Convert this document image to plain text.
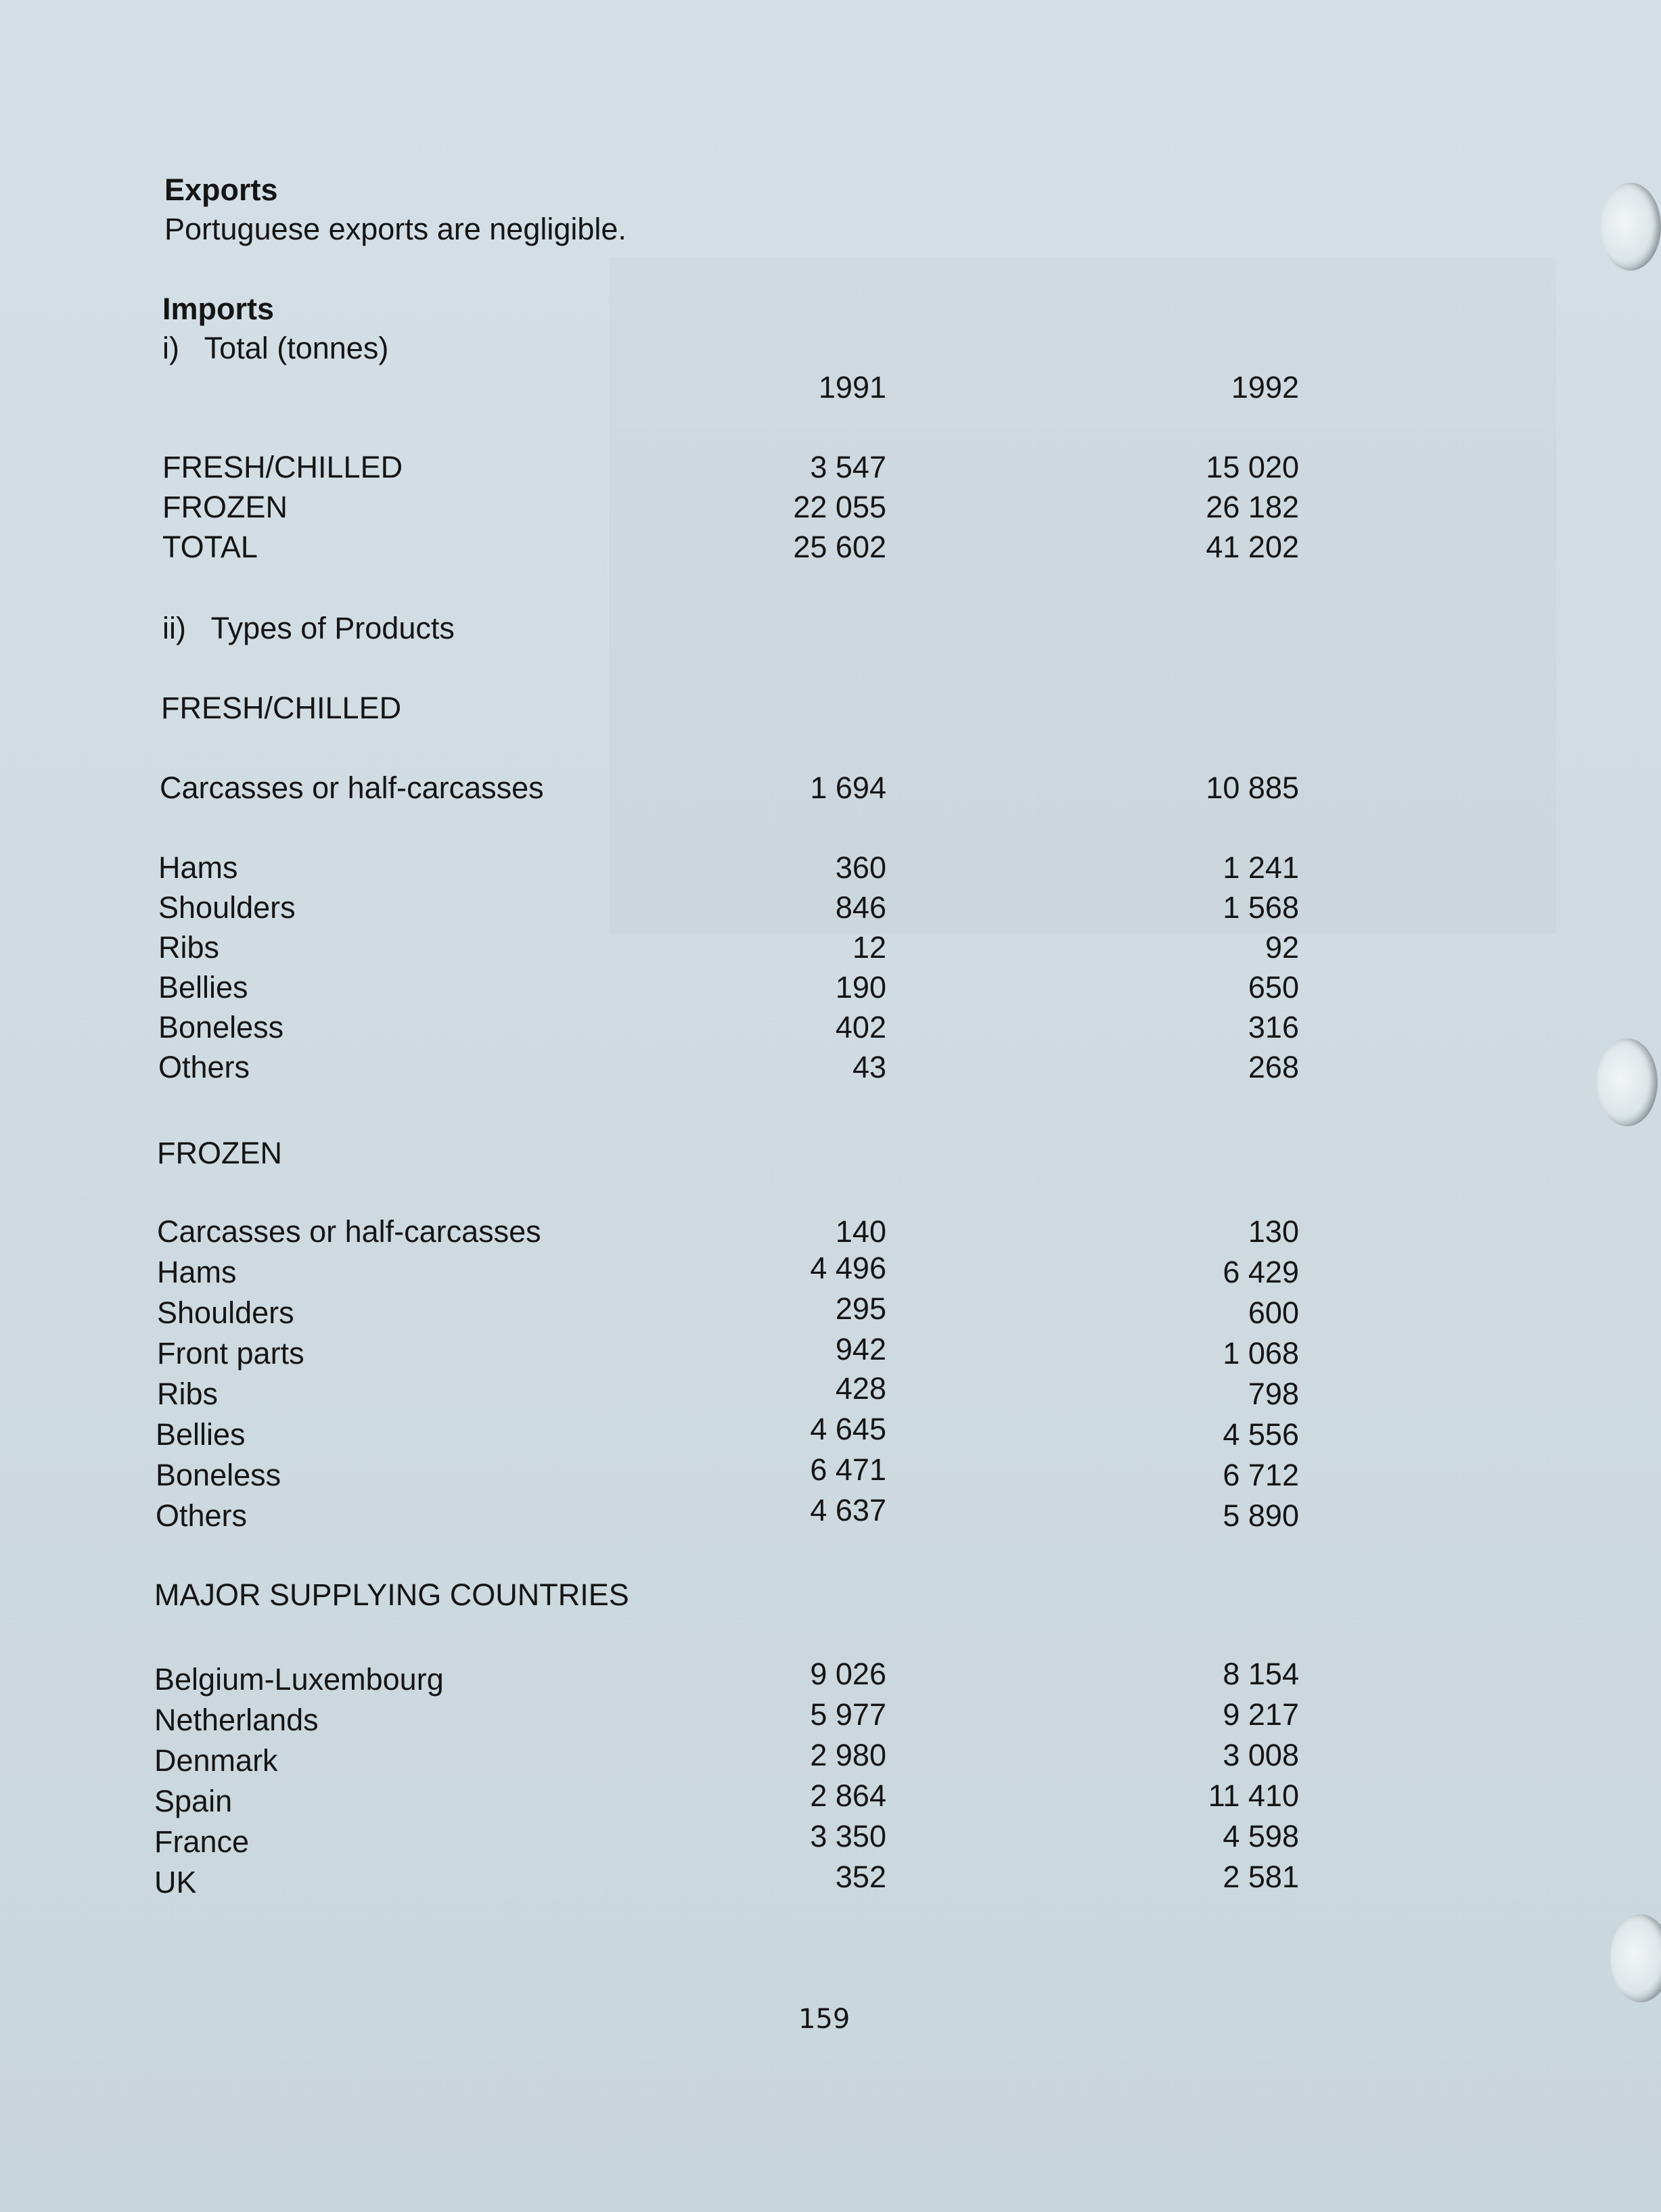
Exports
Portuguese exports are negligible.
Imports
i)   Total (tonnes)
1991	1992
FRESH/CHILLED	3 547	15 020
FROZEN	22 055	26 182
TOTAL	25 602	41 202
ii)   Types of Products
FRESH/CHILLED
Carcasses or half-carcasses	1 694	10 885
Hams	360	1 241
Shoulders	846	1 568
Ribs	12	92
Bellies	190	650
Boneless	402	316
Others	43	268
FROZEN
Carcasses or half-carcasses	140	130
Hams	4 496	6 429
Shoulders	295	600
Front parts	942	1 068
Ribs	428	798
Bellies	4 645	4 556
Boneless	6 471	6 712
Others	4 637	5 890
MAJOR SUPPLYING COUNTRIES
Belgium-Luxembourg	9 026	8 154
Netherlands	5 977	9 217
Denmark	2 980	3 008
Spain	2 864	11 410
France	3 350	4 598
UK	352	2 581
159
